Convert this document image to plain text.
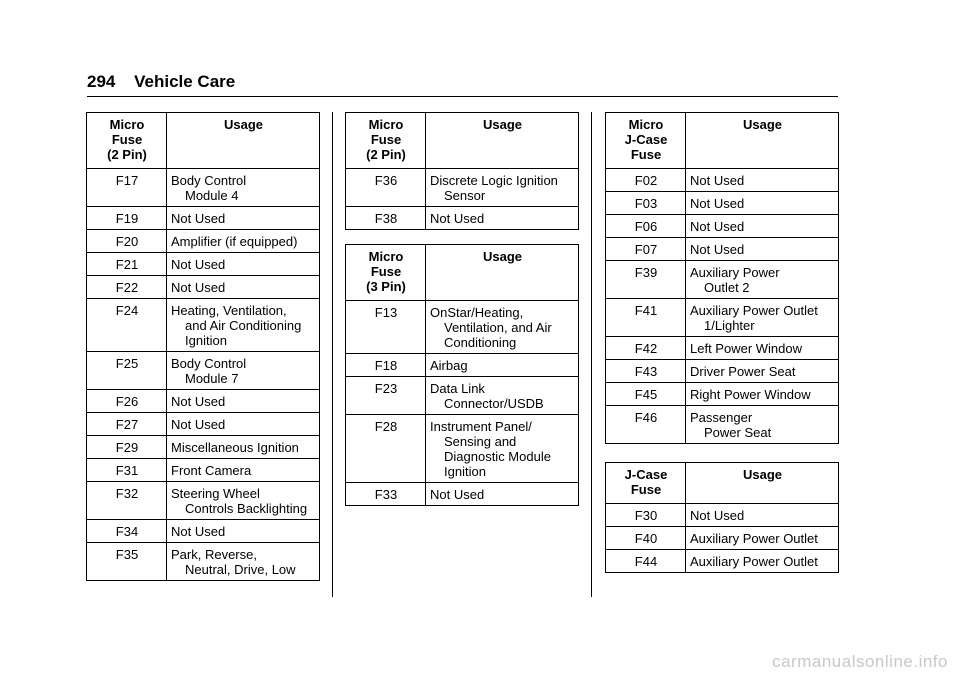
294 Vehicle Care
Micro
Fuse
(2 Pin)	Usage
F17	Body Control
Module 4

F19	Not Used
F20	Amplifier (if equipped)
F21	Not Used
F22	Not Used
F24	Heating, Ventilation,
and Air Conditioning
Ignition

F25	Body Control
Module 7

F26	Not Used
F27	Not Used
F29	Miscellaneous Ignition
F31	Front Camera
F32	Steering Wheel
Controls Backlighting

F34	Not Used
F35	Park, Reverse,
Neutral, Drive, Low
Micro
Fuse
(2 Pin)	Usage
F36	Discrete Logic Ignition
Sensor

F38	Not Used
Micro
Fuse
(3 Pin)	Usage
F13	OnStar/Heating,
Ventilation, and Air
Conditioning

F18	Airbag
F23	Data Link
Connector/USDB

F28	Instrument Panel/
Sensing and
Diagnostic Module
Ignition

F33	Not Used
Micro
J-Case
Fuse	Usage
F02	Not Used
F03	Not Used
F06	Not Used
F07	Not Used
F39	Auxiliary Power
Outlet 2

F41	Auxiliary Power Outlet
1/Lighter

F42	Left Power Window
F43	Driver Power Seat
F45	Right Power Window
F46	Passenger
Power Seat
J-Case
Fuse	Usage
F30	Not Used
F40	Auxiliary Power Outlet
F44	Auxiliary Power Outlet
carmanualsonline.info
